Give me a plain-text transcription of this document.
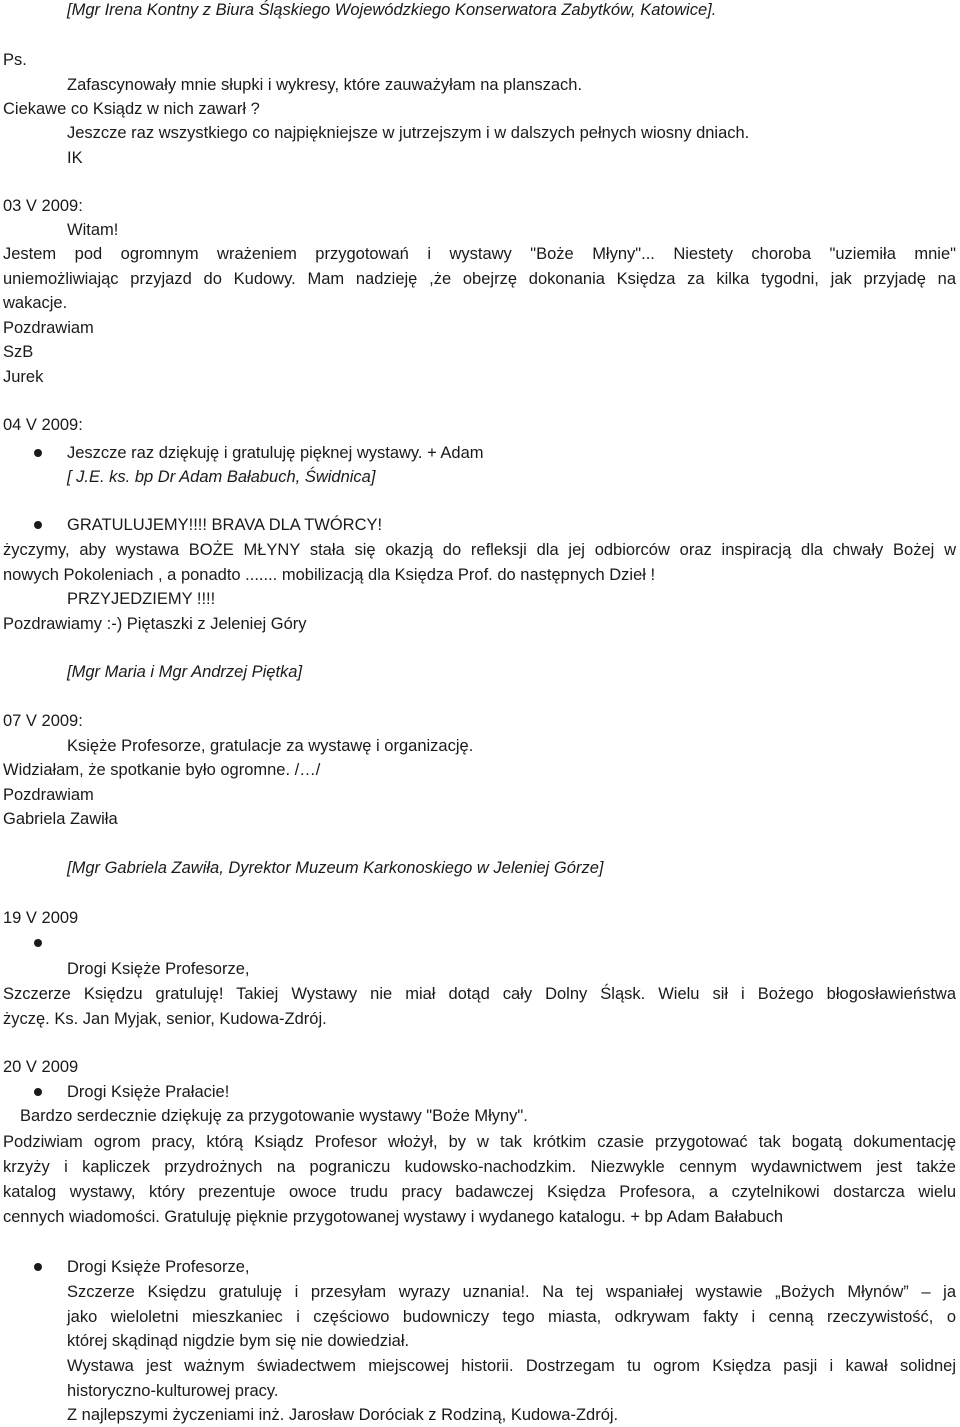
[Mgr Irena Kontny z Biura Śląskiego Wojewódzkiego Konserwatora Zabytków, Katowice].
Ps.
Zafascynowały mnie słupki i wykresy, które zauważyłam na planszach.
Ciekawe co Ksiądz w nich zawarł ?
Jeszcze raz wszystkiego co najpiękniejsze w jutrzejszym i w dalszych pełnych wiosny dniach.
IK
03 V 2009:
Witam!
Jestem pod ogromnym wrażeniem przygotowań i wystawy "Boże Młyny"... Niestety choroba "uziemiła mnie"
uniemożliwiając przyjazd do Kudowy. Mam nadzieję ,że obejrzę dokonania Księdza za kilka tygodni, jak przyjadę na
wakacje.
Pozdrawiam
SzB
Jurek
04 V 2009:
Jeszcze raz dziękuję i gratuluję pięknej wystawy. + Adam
[ J.E. ks. bp Dr Adam Bałabuch, Świdnica]
GRATULUJEMY!!!! BRAVA DLA TWÓRCY!
życzymy, aby wystawa BOŻE MŁYNY stała się okazją do refleksji dla jej odbiorców oraz inspiracją dla chwały Bożej w
nowych Pokoleniach , a ponadto ....... mobilizacją dla Księdza Prof. do następnych Dzieł !
PRZYJEDZIEMY !!!!
Pozdrawiamy :-) Piętaszki z Jeleniej Góry
[Mgr Maria i Mgr Andrzej Piętka]
07 V 2009:
Księże Profesorze, gratulacje za wystawę i organizację.
Widziałam, że spotkanie było ogromne. /…/
Pozdrawiam
Gabriela Zawiła
[Mgr Gabriela Zawiła, Dyrektor Muzeum Karkonoskiego w Jeleniej Górze]
19 V 2009
Drogi Księże Profesorze,
Szczerze Księdzu gratuluję! Takiej Wystawy nie miał dotąd cały Dolny Śląsk. Wielu sił i Bożego błogosławieństwa
życzę. Ks. Jan Myjak, senior, Kudowa-Zdrój.
20 V 2009
Drogi Księże Prałacie!
Bardzo serdecznie dziękuję za przygotowanie wystawy "Boże Młyny".
Podziwiam ogrom pracy, którą Ksiądz Profesor włożył, by w tak krótkim czasie przygotować tak bogatą dokumentację
krzyży i kapliczek przydrożnych na pograniczu kudowsko-nachodzkim. Niezwykle cennym wydawnictwem jest także
katalog wystawy, który prezentuje owoce trudu pracy badawczej Księdza Profesora, a czytelnikowi dostarcza wielu
cennych wiadomości. Gratuluję pięknie przygotowanej wystawy i wydanego katalogu. + bp Adam Bałabuch
Drogi Księże Profesorze,
Szczerze Księdzu gratuluję i przesyłam wyrazy uznania!. Na tej wspaniałej wystawie „Bożych Młynów” – ja
jako wieloletni mieszkaniec i częściowo budowniczy tego miasta, odkrywam fakty i cenną rzeczywistość, o
której skądinąd nigdzie bym się nie dowiedział.
Wystawa jest ważnym świadectwem miejscowej historii. Dostrzegam tu ogrom Księdza pasji i kawał solidnej
historyczno-kulturowej pracy.
Z najlepszymi życzeniami inż. Jarosław Doróciak z Rodziną, Kudowa-Zdrój.
